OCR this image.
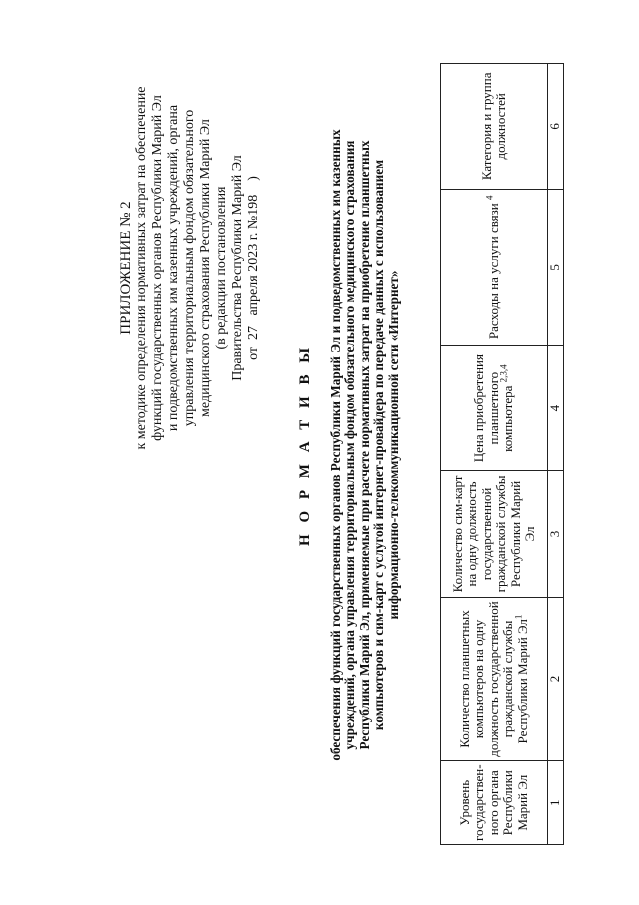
ПРИЛОЖЕНИЕ № 2 к методике определения нормативных затрат на обеспечение функций государственных органов Республики Марий Эл и подведомственных им казенных учреждений, органа управления территориальным фондом обязательного медицинского страхования Республики Марий Эл (в редакции постановления Правительства Республики Марий Эл от  27   апреля 2023 г. №198    )
Н О Р М А Т И В Ы обеспечения функций государственных органов Республики Марий Эл и подведомственных им казенных учреждений, органа управления территориальным фондом обязательного медицинского страхования Республики Марий Эл, применяемые при расчете нормативных затрат на приобретение планшетных компьютеров и сим-карт с услугой интернет-провайдера по передаче данных с использованием информационно-телекоммуникационной сети «Интернет»
Уровень государствен-ного органа Республики Марий Эл	Количество планшетных компьютеров на одну должность государственной гражданской службы Республики Марий $Эл^1$	Количество сим-карт на одну должность государственной гражданской службы Республики Марий Эл	Цена приобретения планшетного компьютера $^{2,3,4}$	Расходы на услуги связи $^4$	Категория и группа должностей
1	2	3	4	5	6
